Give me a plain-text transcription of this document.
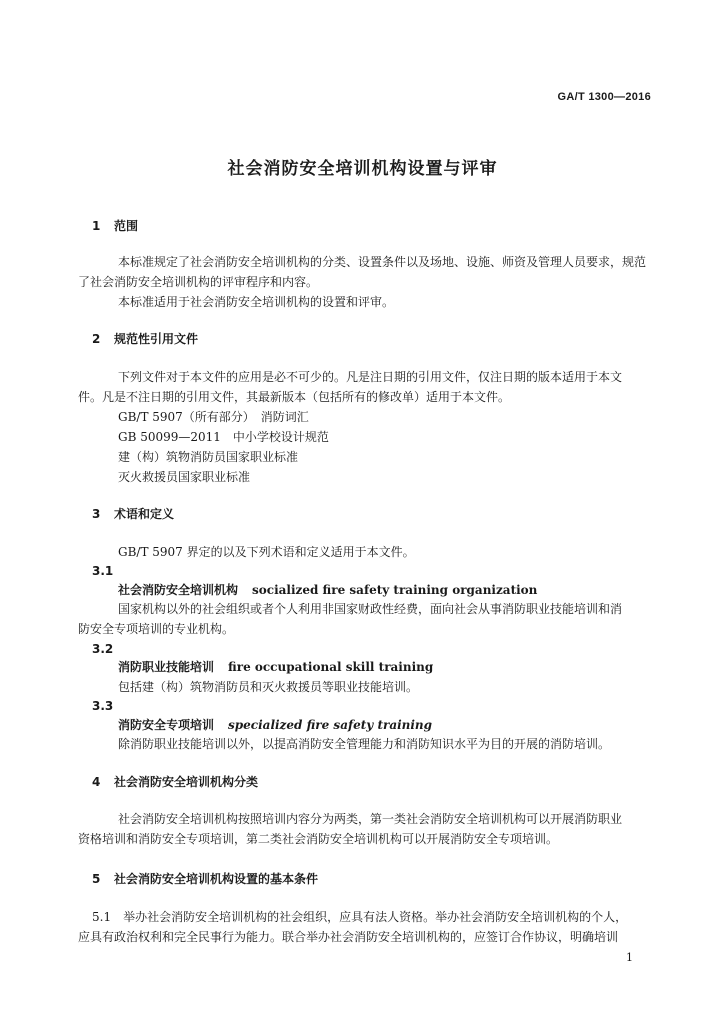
GA/T 1300—2016
社会消防安全培训机构设置与评审
1 范围
本标准规定了社会消防安全培训机构的分类、设置条件以及场地、设施、师资及管理人员要求，规范
了社会消防安全培训机构的评审程序和内容。
本标准适用于社会消防安全培训机构的设置和评审。
2 规范性引用文件
下列文件对于本文件的应用是必不可少的。凡是注日期的引用文件，仅注日期的版本适用于本文
件。凡是不注日期的引用文件，其最新版本（包括所有的修改单）适用于本文件。
GB/T 5907（所有部分）　消防词汇
GB 50099—2011　中小学校设计规范
建（构）筑物消防员国家职业标准
灭火救援员国家职业标准
3 术语和定义
GB/T 5907 界定的以及下列术语和定义适用于本文件。
3.1
社会消防安全培训机构 socialized fire safety training organization
国家机构以外的社会组织或者个人利用非国家财政性经费，面向社会从事消防职业技能培训和消
防安全专项培训的专业机构。
3.2
消防职业技能培训 fire occupational skill training
包括建（构）筑物消防员和灭火救援员等职业技能培训。
3.3
消防安全专项培训 specialized fire safety training
除消防职业技能培训以外，以提高消防安全管理能力和消防知识水平为目的开展的消防培训。
4 社会消防安全培训机构分类
社会消防安全培训机构按照培训内容分为两类，第一类社会消防安全培训机构可以开展消防职业
资格培训和消防安全专项培训，第二类社会消防安全培训机构可以开展消防安全专项培训。
5 社会消防安全培训机构设置的基本条件
5.1　举办社会消防安全培训机构的社会组织，应具有法人资格。举办社会消防安全培训机构的个人，
应具有政治权利和完全民事行为能力。联合举办社会消防安全培训机构的，应签订合作协议，明确培训
1
